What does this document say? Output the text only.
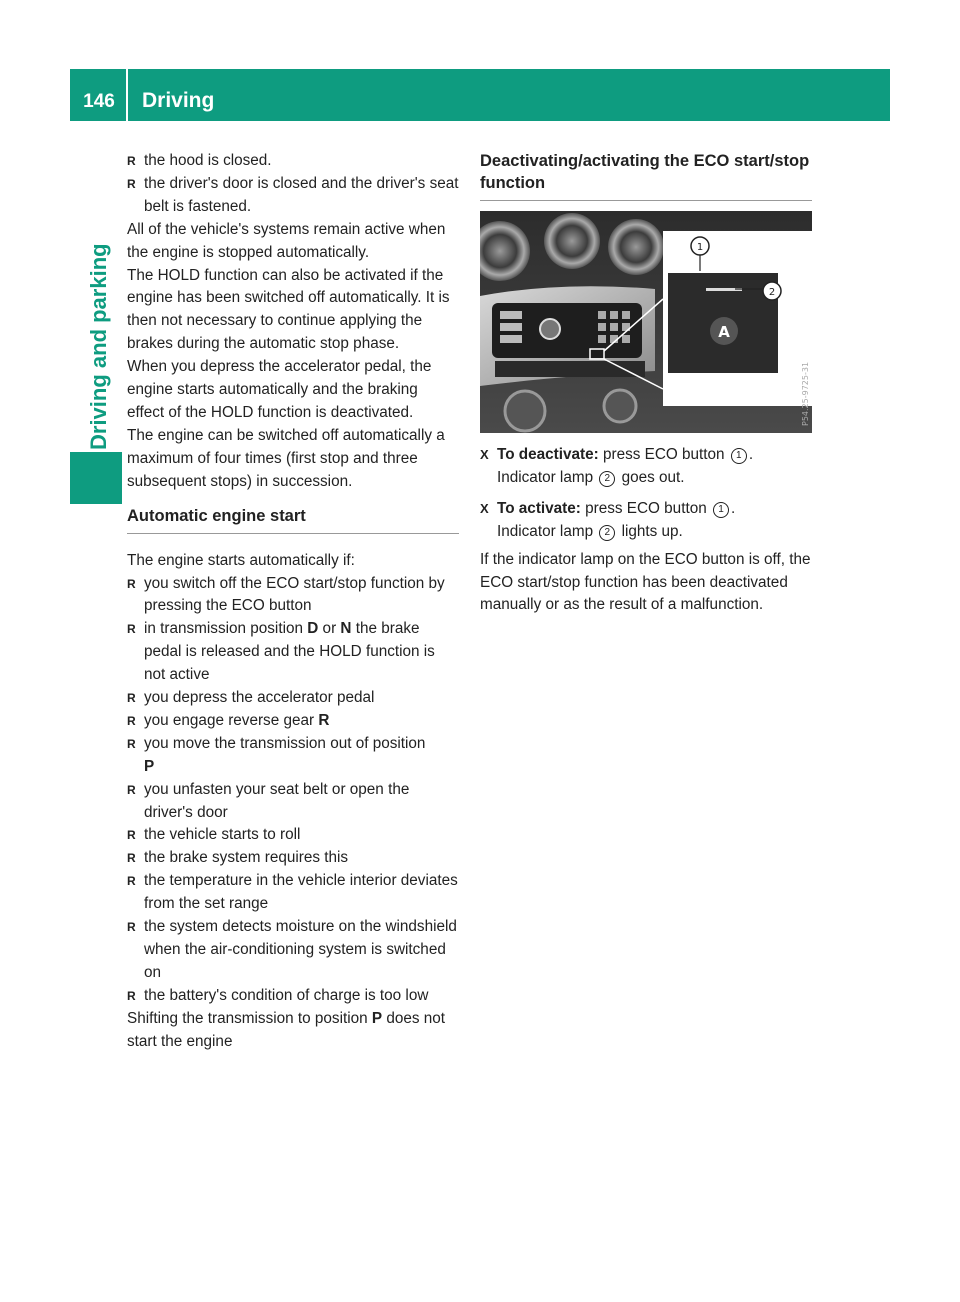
146	Driving
Driving and parking

R the hood is closed.

R the driver's door is closed and the driver's seat belt is fastened.

All of the vehicle's systems remain active when the engine is stopped automatically.

The HOLD function can also be activated if the engine has been switched off automatically. It is then not necessary to continue applying the brakes during the automatic stop phase.

When you depress the accelerator pedal, the engine starts automatically and the braking effect of the HOLD function is deactivated.

The engine can be switched off automatically a maximum of four times (first stop and three subsequent stops) in succession.

Automatic engine start

The engine starts automatically if:

R you switch off the ECO start/stop function by pressing the ECO button

R in transmission position D or N the brake pedal is released and the HOLD function is not active

R you depress the accelerator pedal

R you engage reverse gear R

R you move the transmission out of position
P

R you unfasten your seat belt or open the driver's door

R the vehicle starts to roll

R the brake system requires this

R the temperature in the vehicle interior deviates from the set range

R the system detects moisture on the windshield when the air-conditioning system is switched on

R the battery's condition of charge is too low

Shifting the transmission to position P does not start the engine

Deactivating/activating the ECO start/stop function
A
1
2
P54.25-9725-31

X To deactivate: press ECO button 1 .
Indicator lamp 2 goes out.

X To activate: press ECO button 1 .
Indicator lamp 2 lights up.

If the indicator lamp on the ECO button is off, the ECO start/stop function has been deactivated manually or as the result of a malfunction.
